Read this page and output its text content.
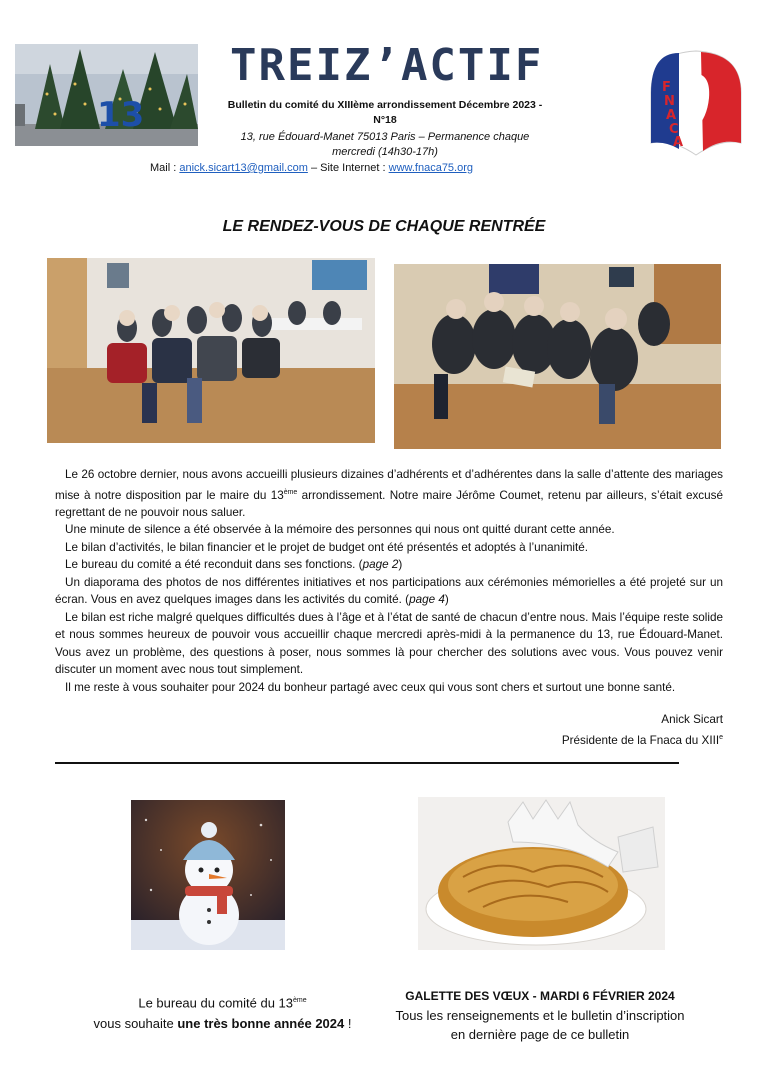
13
TREIZ’ACTIF
Bulletin du comité du XIIIème arrondissement Décembre 2023 -
N°18
13, rue Édouard-Manet 75013 Paris – Permanence chaque
mercredi (14h30-17h)
Mail : anick.sicart13@gmail.com – Site Internet : www.fnaca75.org
F
N
A
C
A
LE RENDEZ-VOUS DE CHAQUE RENTRÉE

Le 26 octobre dernier, nous avons accueilli plusieurs dizaines d’adhérents et d’adhérentes dans la salle d’attente des mariages mise à notre disposition par le maire du 13ème arrondissement. Notre maire Jérôme Coumet, retenu par ailleurs, s’était excusé regrettant de ne pouvoir nous saluer.

Une minute de silence a été observée à la mémoire des personnes qui nous ont quitté durant cette année.

Le bilan d’activités, le bilan financier et le projet de budget ont été présentés et adoptés à l’unanimité.

Le bureau du comité a été reconduit dans ses fonctions. (page 2)

Un diaporama des photos de nos différentes initiatives et nos participations aux cérémonies mémorielles a été projeté sur un écran. Vous en avez quelques images dans les activités du comité. (page 4)

Le bilan est riche malgré quelques difficultés dues à l’âge et à l’état de santé de chacun d’entre nous. Mais l’équipe reste solide et nous sommes heureux de pouvoir vous accueillir chaque mercredi après-midi à la permanence du 13, rue Édouard-Manet. Vous avez un problème, des questions à poser, nous sommes là pour chercher des solutions avec vous. Vous pouvez venir discuter un moment avec nous tout simplement.

Il me reste à vous souhaiter pour 2024 du bonheur partagé avec ceux qui vous sont chers et surtout une bonne santé.

Anick Sicart
Présidente de la Fnaca du XIIIe
Le bureau du comité du 13ème
vous souhaite une très bonne année 2024 !
GALETTE DES VŒUX - MARDI 6 FÉVRIER 2024
Tous les renseignements et le bulletin d’inscription
en dernière page de ce bulletin
